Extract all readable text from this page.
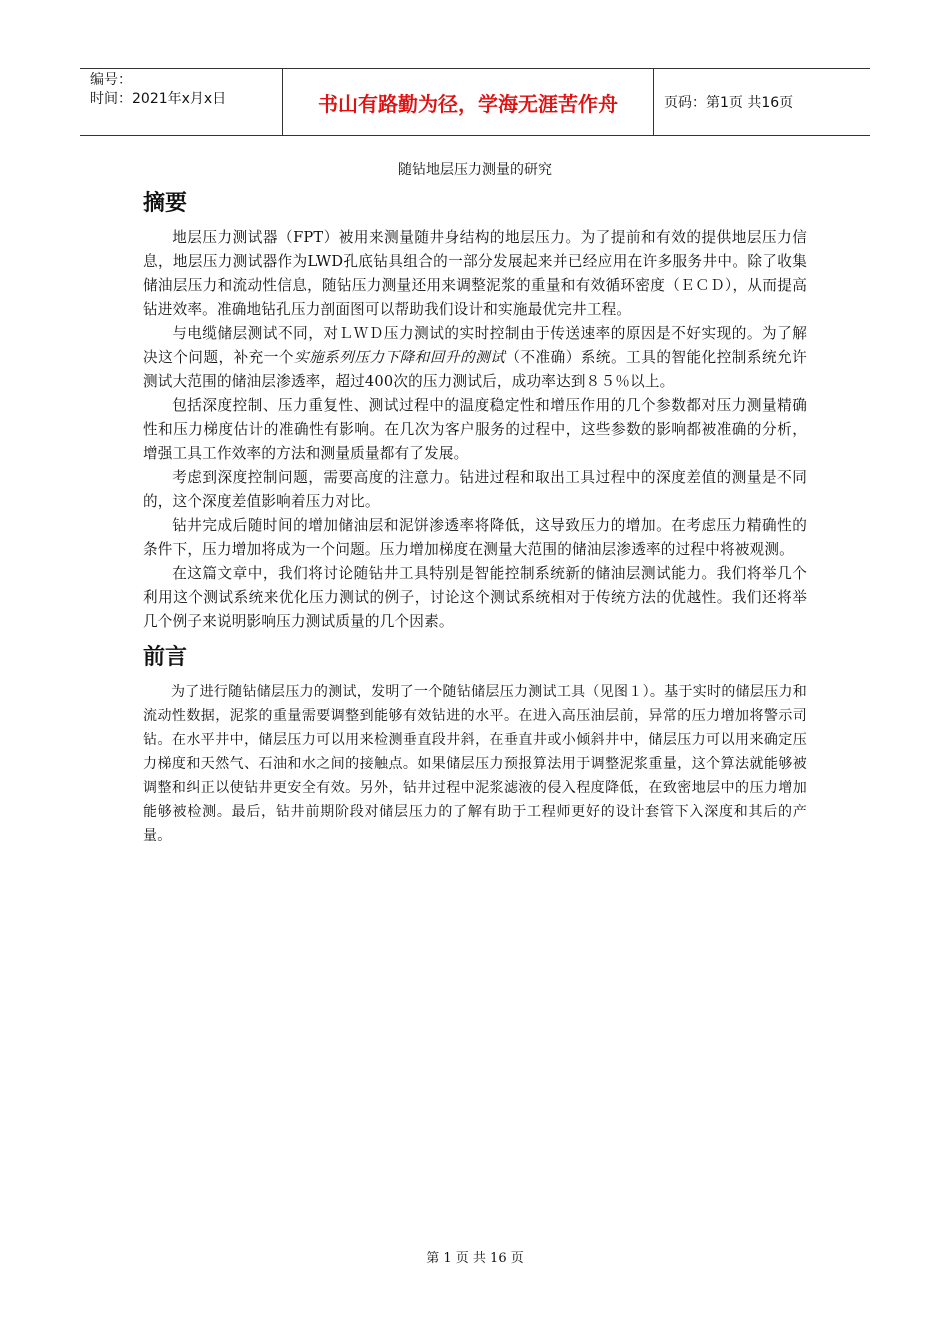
编号：
时间：2021年x月x日	书山有路勤为径，学海无涯苦作舟	页码：第1页 共16页
随钻地层压力测量的研究
摘要

地层压力测试器（FPT）被用来测量随井身结构的地层压力。为了提前和有效的提供地层压力信息，地层压力测试器作为LWD孔底钻具组合的一部分发展起来并已经应用在许多服务井中。除了收集储油层压力和流动性信息，随钻压力测量还用来调整泥浆的重量和有效循环密度（ＥＣＤ），从而提高钻进效率。准确地钻孔压力剖面图可以帮助我们设计和实施最优完井工程。

与电缆储层测试不同，对ＬＷＤ压力测试的实时控制由于传送速率的原因是不好实现的。为了解决这个问题，补充一个实施系列压力下降和回升的测试（不准确）系统。工具的智能化控制系统允许测试大范围的储油层渗透率，超过400次的压力测试后，成功率达到８５％以上。

包括深度控制、压力重复性、测试过程中的温度稳定性和增压作用的几个参数都对压力测量精确性和压力梯度估计的准确性有影响。在几次为客户服务的过程中，这些参数的影响都被准确的分析，增强工具工作效率的方法和测量质量都有了发展。

考虑到深度控制问题，需要高度的注意力。钻进过程和取出工具过程中的深度差值的测量是不同的，这个深度差值影响着压力对比。

钻井完成后随时间的增加储油层和泥饼渗透率将降低，这导致压力的增加。在考虑压力精确性的条件下，压力增加将成为一个问题。压力增加梯度在测量大范围的储油层渗透率的过程中将被观测。

在这篇文章中，我们将讨论随钻井工具特别是智能控制系统新的储油层测试能力。我们将举几个利用这个测试系统来优化压力测试的例子，讨论这个测试系统相对于传统方法的优越性。我们还将举几个例子来说明影响压力测试质量的几个因素。

前言

为了进行随钻储层压力的测试，发明了一个随钻储层压力测试工具（见图１）。基于实时的储层压力和流动性数据，泥浆的重量需要调整到能够有效钻进的水平。在进入高压油层前，异常的压力增加将警示司钻。在水平井中，储层压力可以用来检测垂直段井斜，在垂直井或小倾斜井中，储层压力可以用来确定压力梯度和天然气、石油和水之间的接触点。如果储层压力预报算法用于调整泥浆重量，这个算法就能够被调整和纠正以使钻井更安全有效。另外，钻井过程中泥浆滤液的侵入程度降低，在致密地层中的压力增加能够被检测。最后，钻井前期阶段对储层压力的了解有助于工程师更好的设计套管下入深度和其后的产量。

第 1 页 共 16 页
